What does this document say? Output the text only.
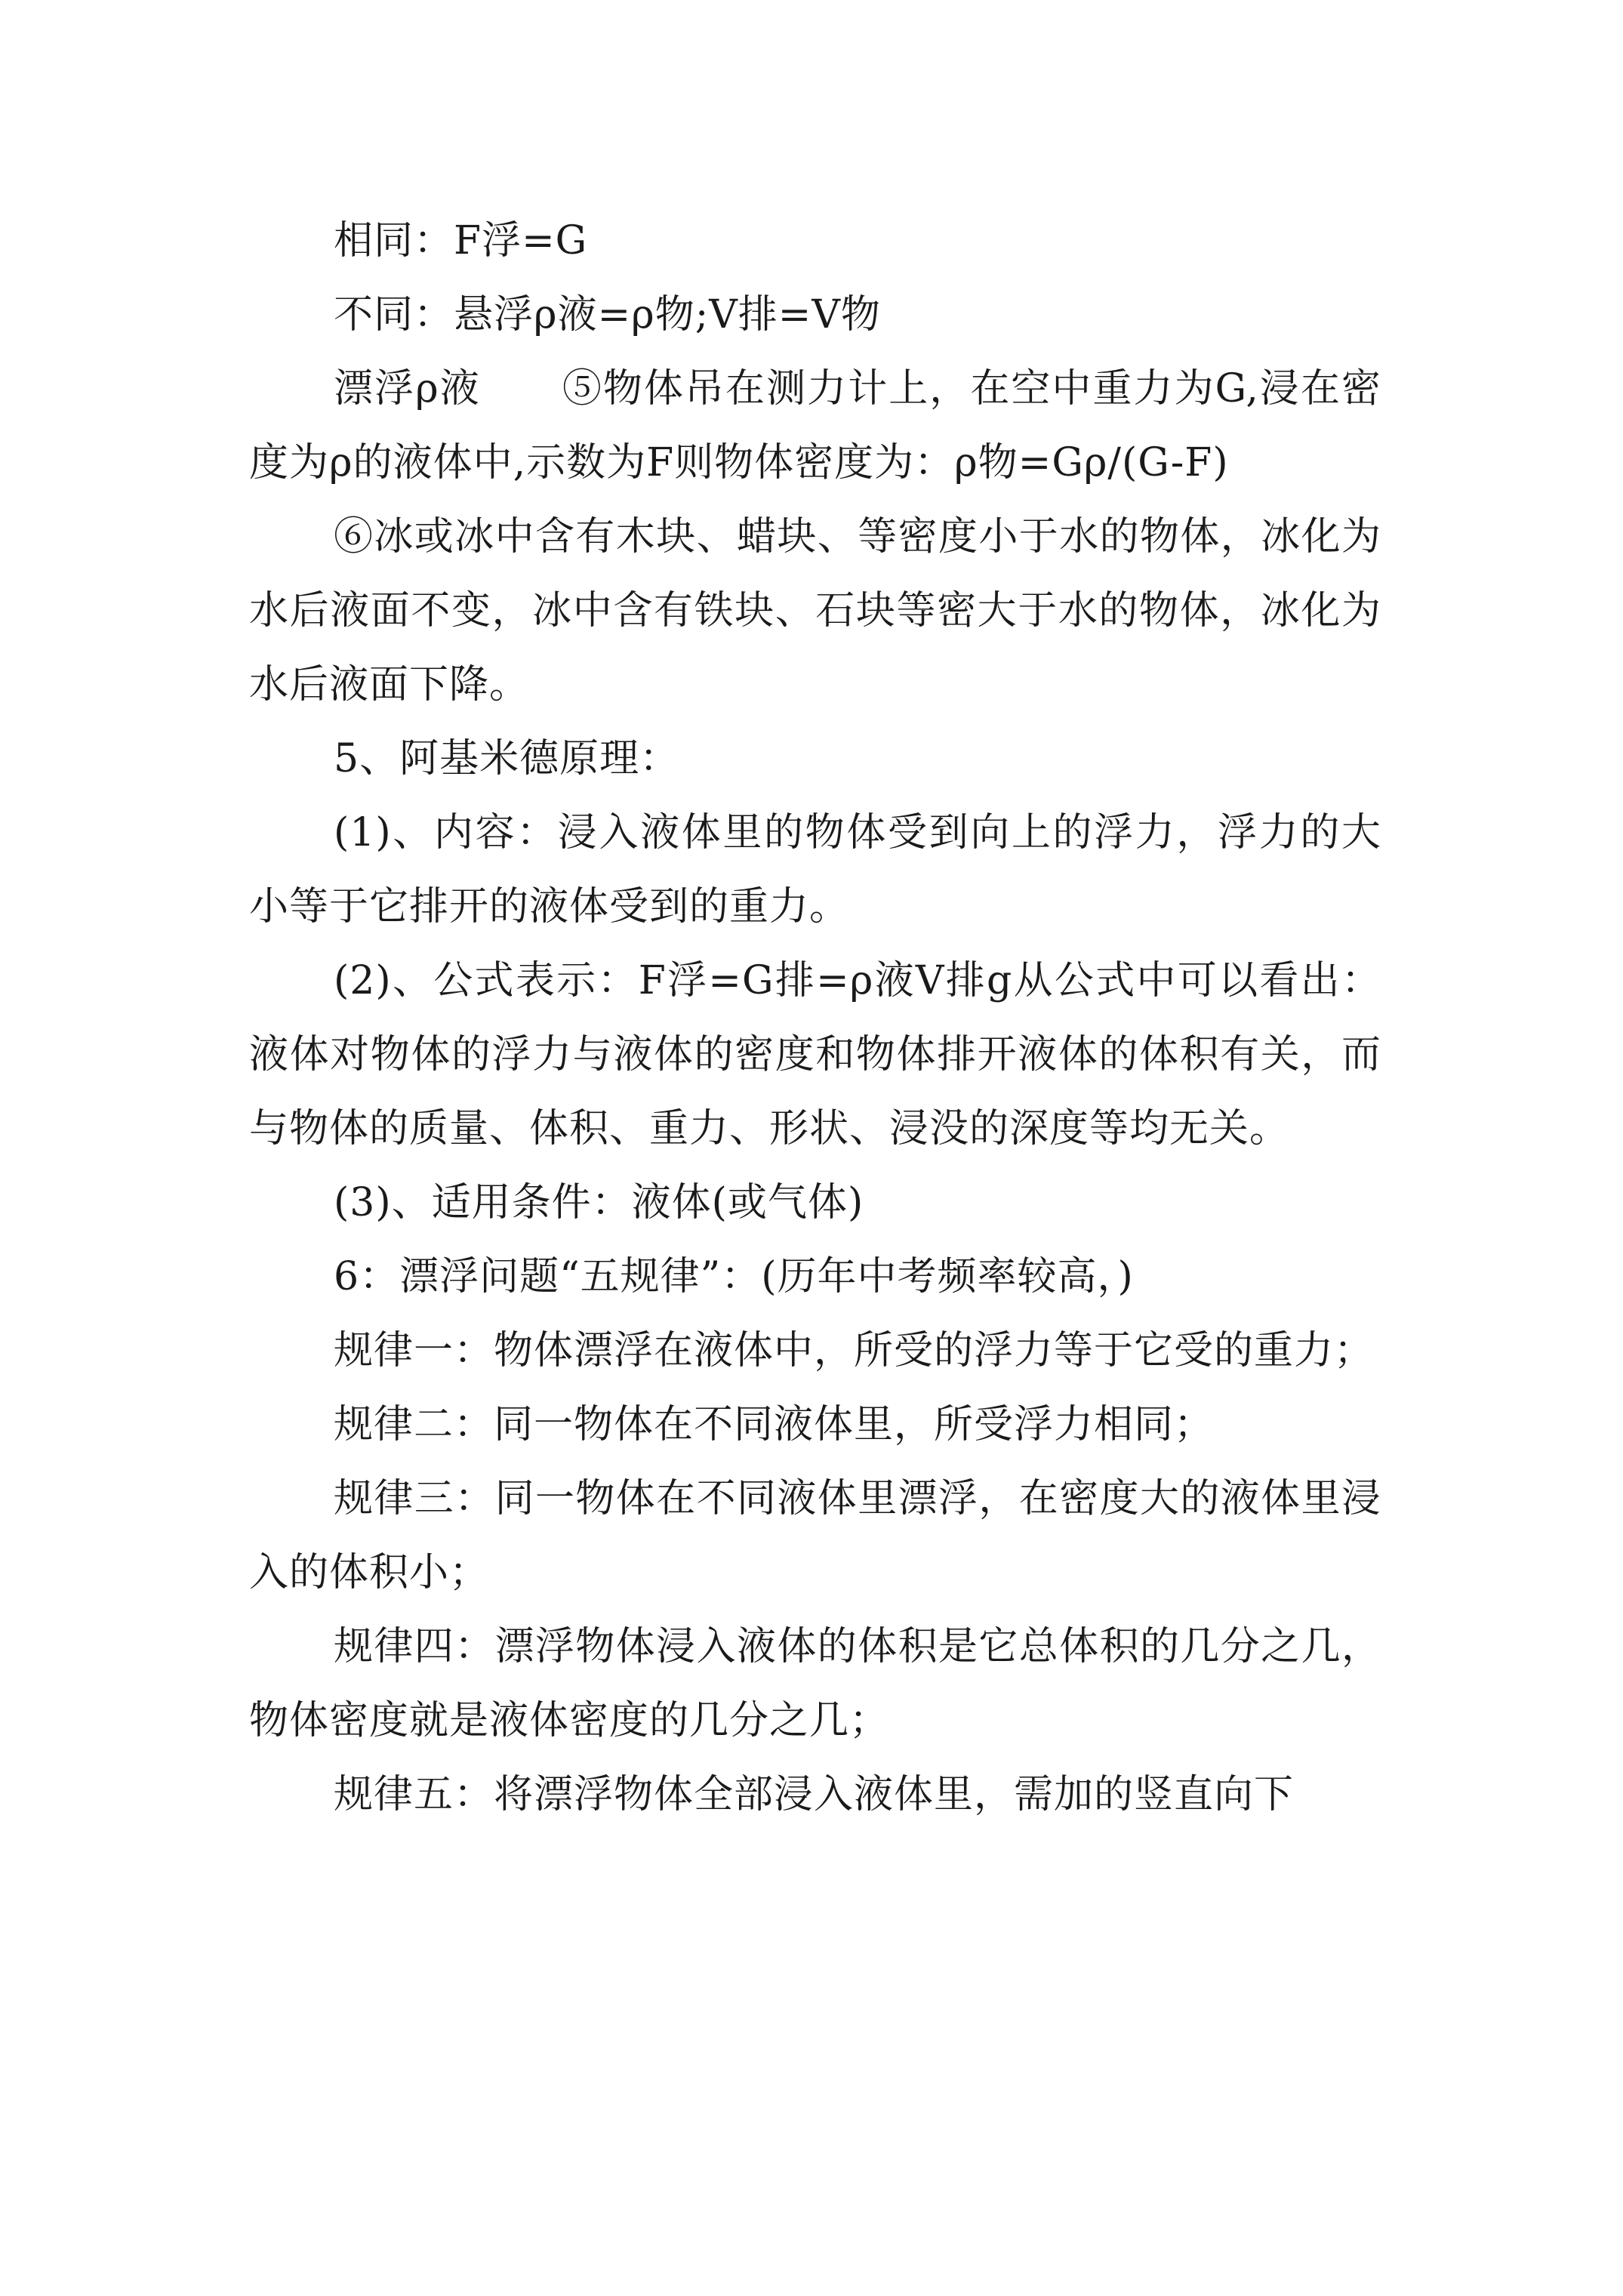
相同：F浮=G

不同：悬浮ρ液=ρ物;V排=V物

漂浮ρ液　　⑤物体吊在测力计上，在空中重力为G,浸在密度为ρ的液体中,示数为F则物体密度为：ρ物=Gρ/(G-F)

⑥冰或冰中含有木块、蜡块、等密度小于水的物体，冰化为水后液面不变，冰中含有铁块、石块等密大于水的物体，冰化为水后液面下降。

5、阿基米德原理：

(1)、内容：浸入液体里的物体受到向上的浮力，浮力的大小等于它排开的液体受到的重力。

(2)、公式表示：F浮=G排=ρ液V排g从公式中可以看出：液体对物体的浮力与液体的密度和物体排开液体的体积有关，而与物体的质量、体积、重力、形状、浸没的深度等均无关。

(3)、适用条件：液体(或气体)

6：漂浮问题“五规律”：(历年中考频率较高，)

规律一：物体漂浮在液体中，所受的浮力等于它受的重力；

规律二：同一物体在不同液体里，所受浮力相同；

规律三：同一物体在不同液体里漂浮，在密度大的液体里浸入的体积小；

规律四：漂浮物体浸入液体的体积是它总体积的几分之几，物体密度就是液体密度的几分之几；

规律五：将漂浮物体全部浸入液体里，需加的竖直向下
